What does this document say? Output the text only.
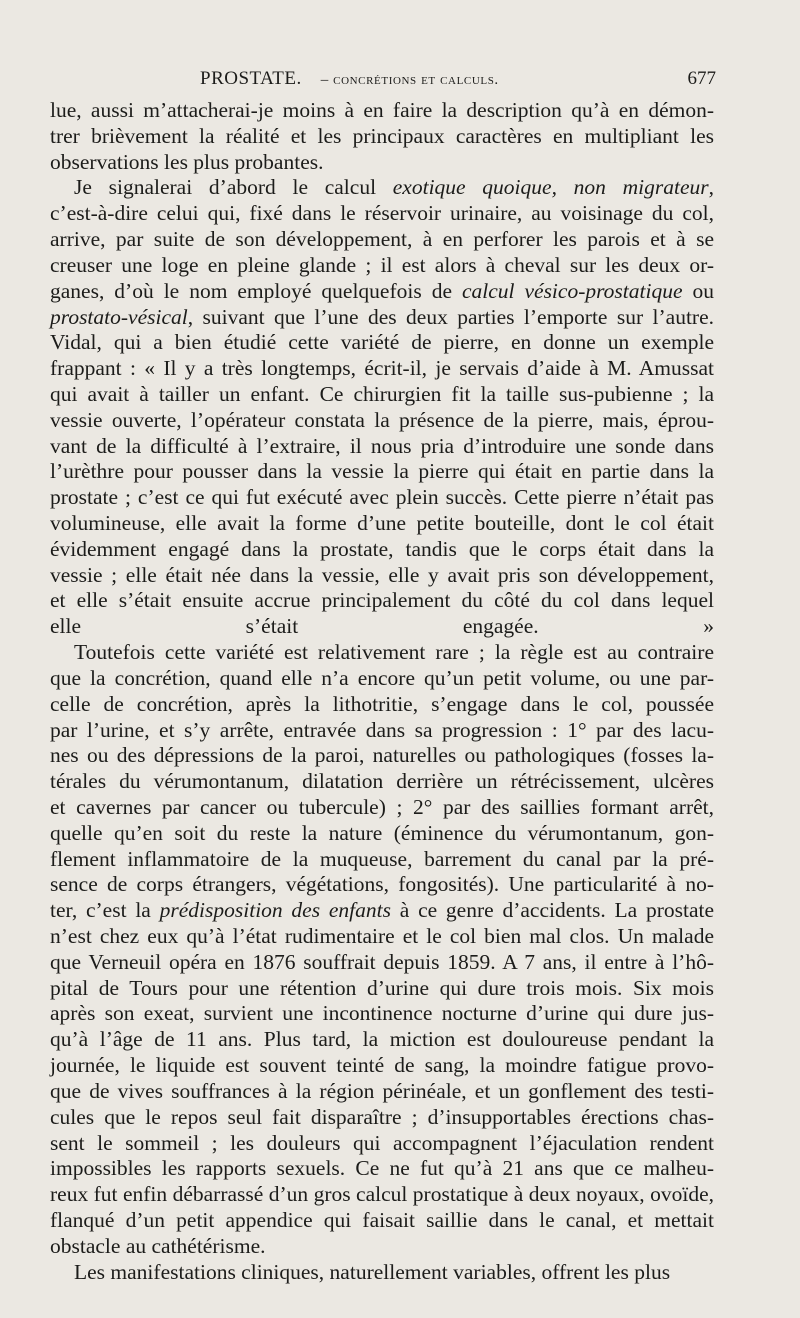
PROSTATE. – concrétions et calculs.	677

lue, aussi m’attacherai-je moins à en faire la description qu’à en démon-
trer brièvement la réalité et les principaux caractères en multipliant les
observations les plus probantes.

Je signalerai d’abord le calcul exotique quoique, non migrateur,
c’est-à-dire celui qui, fixé dans le réservoir urinaire, au voisinage du col,
arrive, par suite de son développement, à en perforer les parois et à se
creuser une loge en pleine glande ; il est alors à cheval sur les deux or-
ganes, d’où le nom employé quelquefois de calcul vésico-prostatique ou
prostato-vésical, suivant que l’une des deux parties l’emporte sur l’autre.
Vidal, qui a bien étudié cette variété de pierre, en donne un exemple
frappant : « Il y a très longtemps, écrit-il, je servais d’aide à M. Amussat
qui avait à tailler un enfant. Ce chirurgien fit la taille sus-pubienne ; la
vessie ouverte, l’opérateur constata la présence de la pierre, mais, éprou-
vant de la difficulté à l’extraire, il nous pria d’introduire une sonde dans
l’urèthre pour pousser dans la vessie la pierre qui était en partie dans la
prostate ; c’est ce qui fut exécuté avec plein succès. Cette pierre n’était pas
volumineuse, elle avait la forme d’une petite bouteille, dont le col était
évidemment engagé dans la prostate, tandis que le corps était dans la
vessie ; elle était née dans la vessie, elle y avait pris son développement,
et elle s’était ensuite accrue principalement du côté du col dans lequel
elle s’était engagée. »

Toutefois cette variété est relativement rare ; la règle est au contraire
que la concrétion, quand elle n’a encore qu’un petit volume, ou une par-
celle de concrétion, après la lithotritie, s’engage dans le col, poussée
par l’urine, et s’y arrête, entravée dans sa progression : 1° par des lacu-
nes ou des dépressions de la paroi, naturelles ou pathologiques (fosses la-
térales du vérumontanum, dilatation derrière un rétrécissement, ulcères
et cavernes par cancer ou tubercule) ; 2° par des saillies formant arrêt,
quelle qu’en soit du reste la nature (éminence du vérumontanum, gon-
flement inflammatoire de la muqueuse, barrement du canal par la pré-
sence de corps étrangers, végétations, fongosités). Une particularité à no-
ter, c’est la prédisposition des enfants à ce genre d’accidents. La prostate
n’est chez eux qu’à l’état rudimentaire et le col bien mal clos. Un malade
que Verneuil opéra en 1876 souffrait depuis 1859. A 7 ans, il entre à l’hô-
pital de Tours pour une rétention d’urine qui dure trois mois. Six mois
après son exeat, survient une incontinence nocturne d’urine qui dure jus-
qu’à l’âge de 11 ans. Plus tard, la miction est douloureuse pendant la
journée, le liquide est souvent teinté de sang, la moindre fatigue provo-
que de vives souffrances à la région périnéale, et un gonflement des testi-
cules que le repos seul fait disparaître ; d’insupportables érections chas-
sent le sommeil ; les douleurs qui accompagnent l’éjaculation rendent
impossibles les rapports sexuels. Ce ne fut qu’à 21 ans que ce malheu-
reux fut enfin débarrassé d’un gros calcul prostatique à deux noyaux, ovoïde,
flanqué d’un petit appendice qui faisait saillie dans le canal, et mettait
obstacle au cathétérisme.

Les manifestations cliniques, naturellement variables, offrent les plus
